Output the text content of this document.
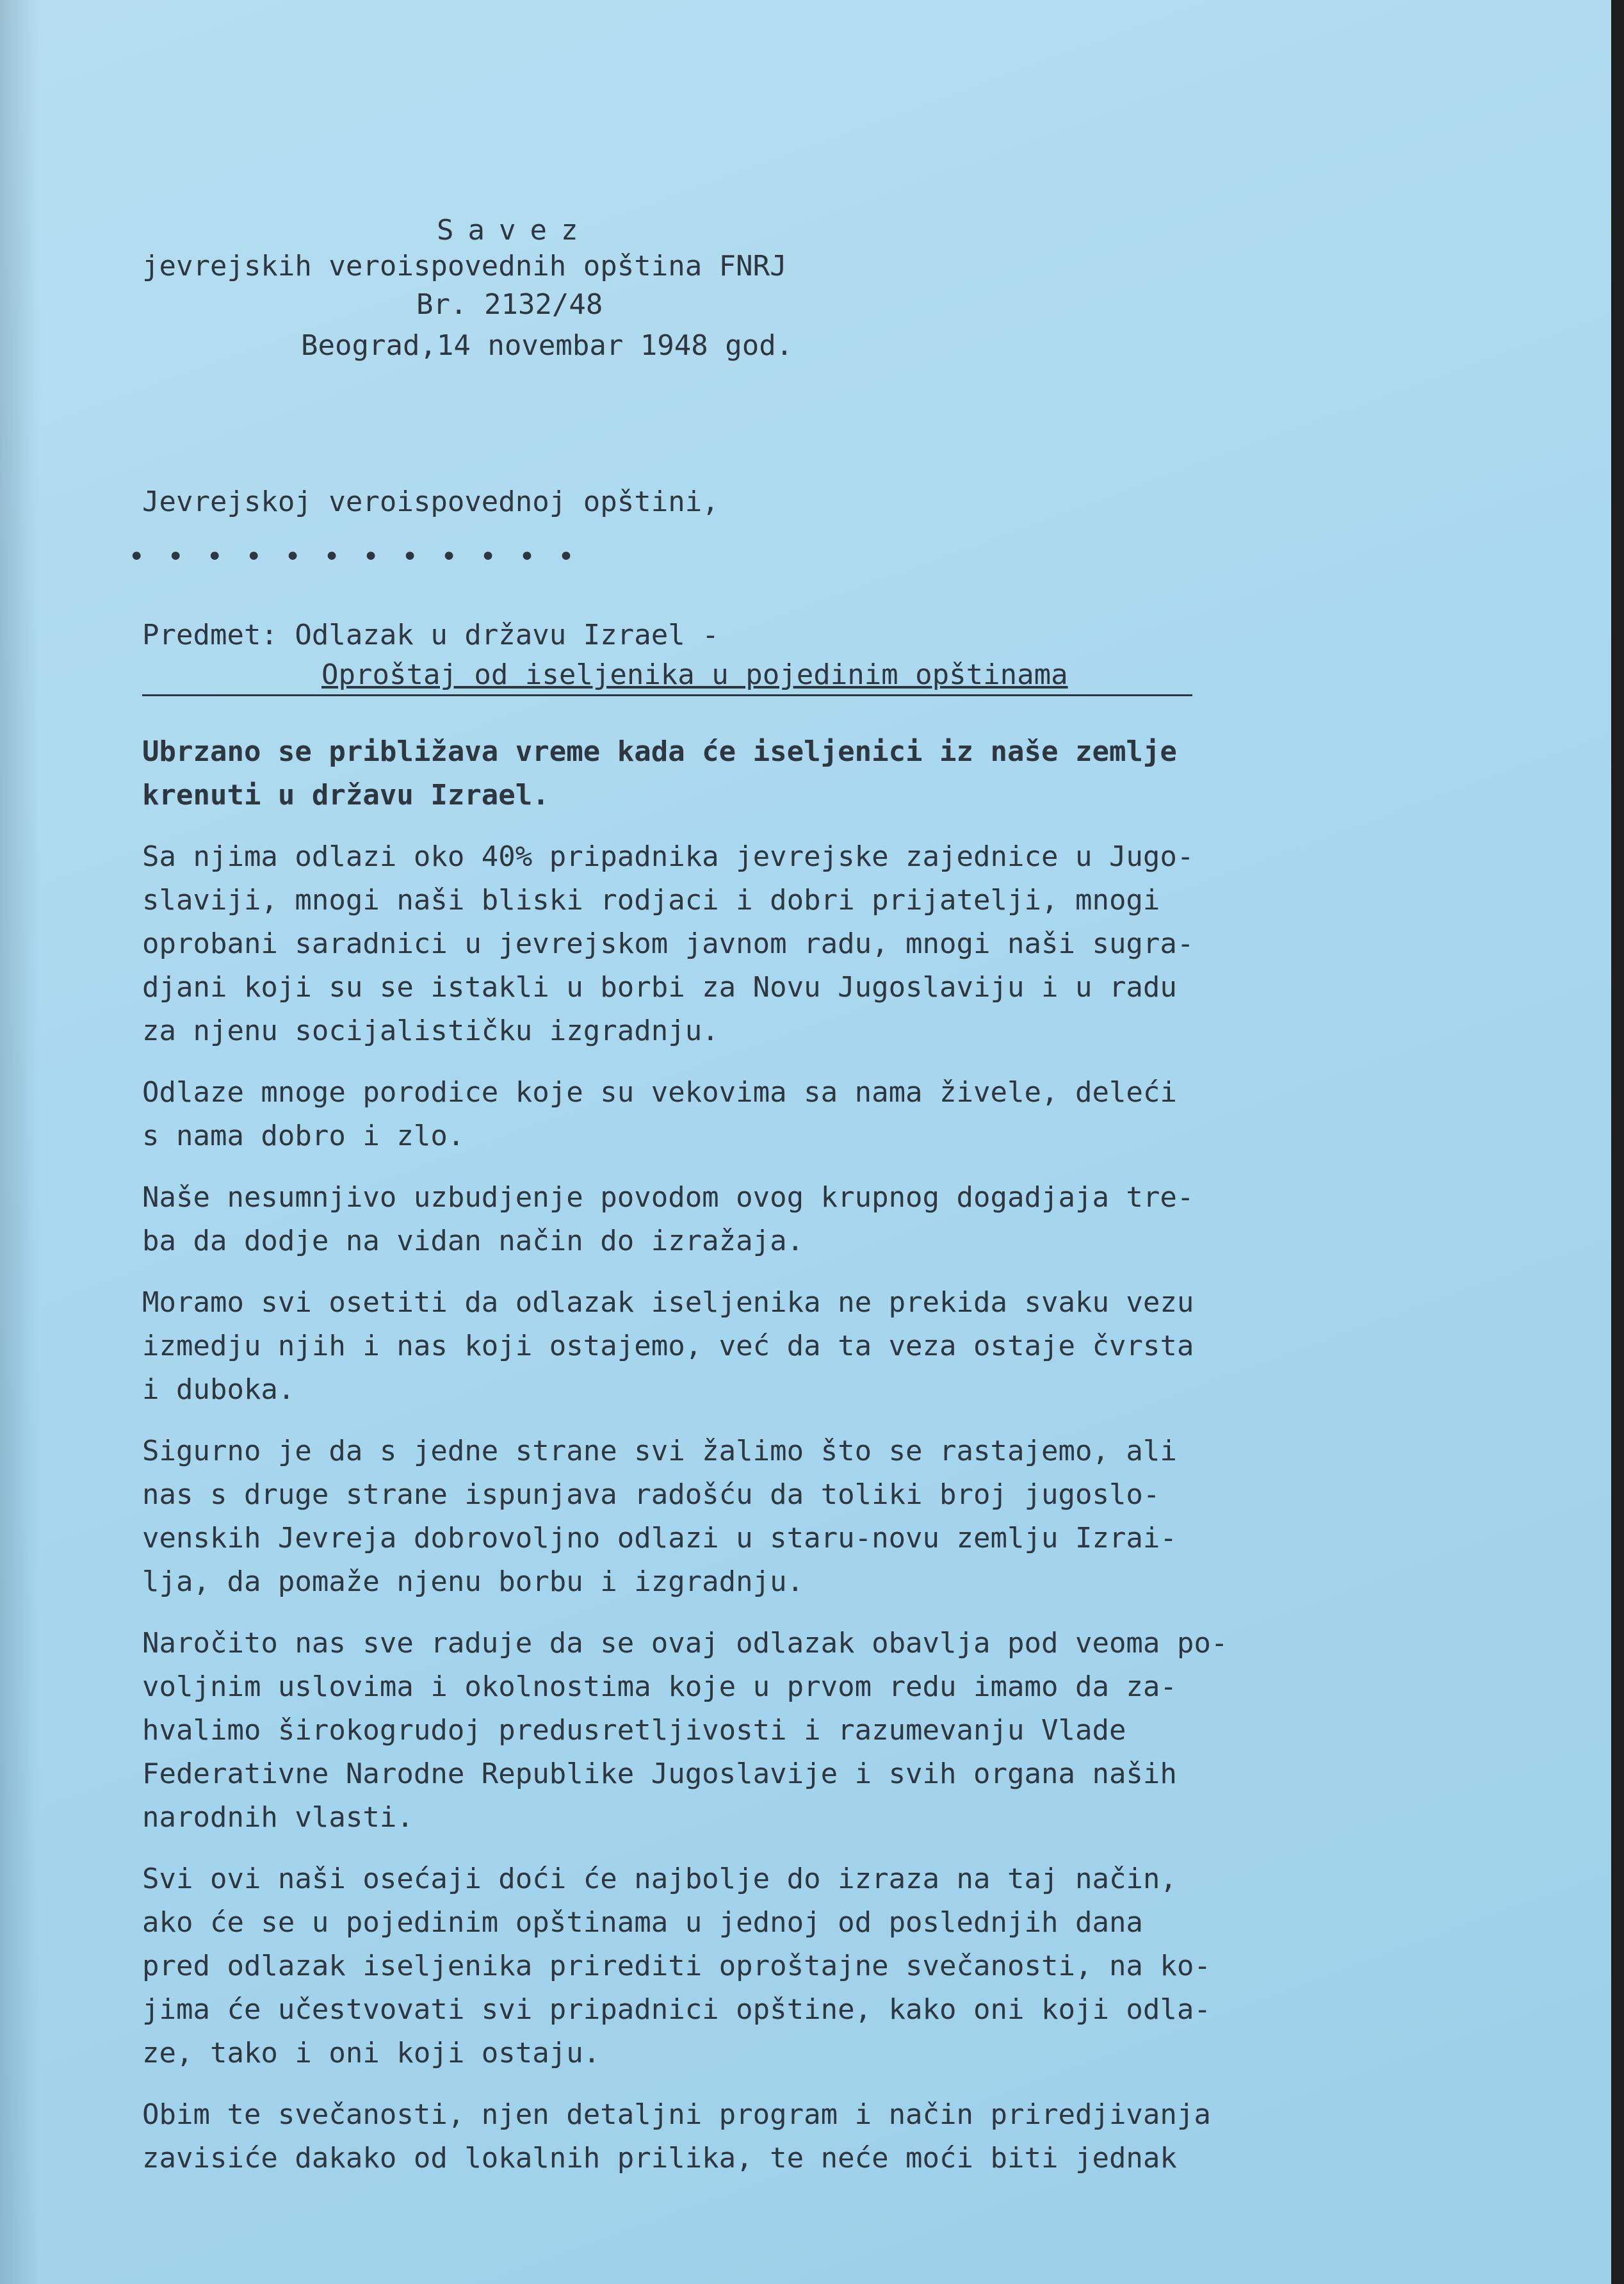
Savez
jevrejskih veroispovednih opština FNRJ
Br. 2132/48
Beograd,14 novembar 1948 god.
Jevrejskoj veroispovednoj opštini,
• • • • • • • • • • • •
Predmet: Odlazak u državu Izrael -
Oproštaj od iseljenika u pojedinim opštinama

Ubrzano se približava vreme kada će iseljenici iz naše zemlje
krenuti u državu Izrael.

Sa njima odlazi oko 40% pripadnika jevrejske zajednice u Jugo-
slaviji, mnogi naši bliski rodjaci i dobri prijatelji, mnogi
oprobani saradnici u jevrejskom javnom radu, mnogi naši sugra-
djani koji su se istakli u borbi za Novu Jugoslaviju i u radu
za njenu socijalističku izgradnju.

Odlaze mnoge porodice koje su vekovima sa nama živele, deleći
s nama dobro i zlo.

Naše nesumnjivo uzbudjenje povodom ovog krupnog dogadjaja tre-
ba da dodje na vidan način do izražaja.

Moramo svi osetiti da odlazak iseljenika ne prekida svaku vezu
izmedju njih i nas koji ostajemo, već da ta veza ostaje čvrsta
i duboka.

Sigurno je da s jedne strane svi žalimo što se rastajemo, ali
nas s druge strane ispunjava radošću da toliki broj jugoslo-
venskih Jevreja dobrovoljno odlazi u staru-novu zemlju Izrai-
lja, da pomaže njenu borbu i izgradnju.

Naročito nas sve raduje da se ovaj odlazak obavlja pod veoma po-
voljnim uslovima i okolnostima koje u prvom redu imamo da za-
hvalimo širokogrudoj predusretljivosti i razumevanju Vlade
Federativne Narodne Republike Jugoslavije i svih organa naših
narodnih vlasti.

Svi ovi naši osećaji doći će najbolje do izraza na taj način,
ako će se u pojedinim opštinama u jednoj od poslednjih dana
pred odlazak iseljenika prirediti oproštajne svečanosti, na ko-
jima će učestvovati svi pripadnici opštine, kako oni koji odla-
ze, tako i oni koji ostaju.

Obim te svečanosti, njen detaljni program i način priredjivanja
zavisiće dakako od lokalnih prilika, te neće moći biti jednak
